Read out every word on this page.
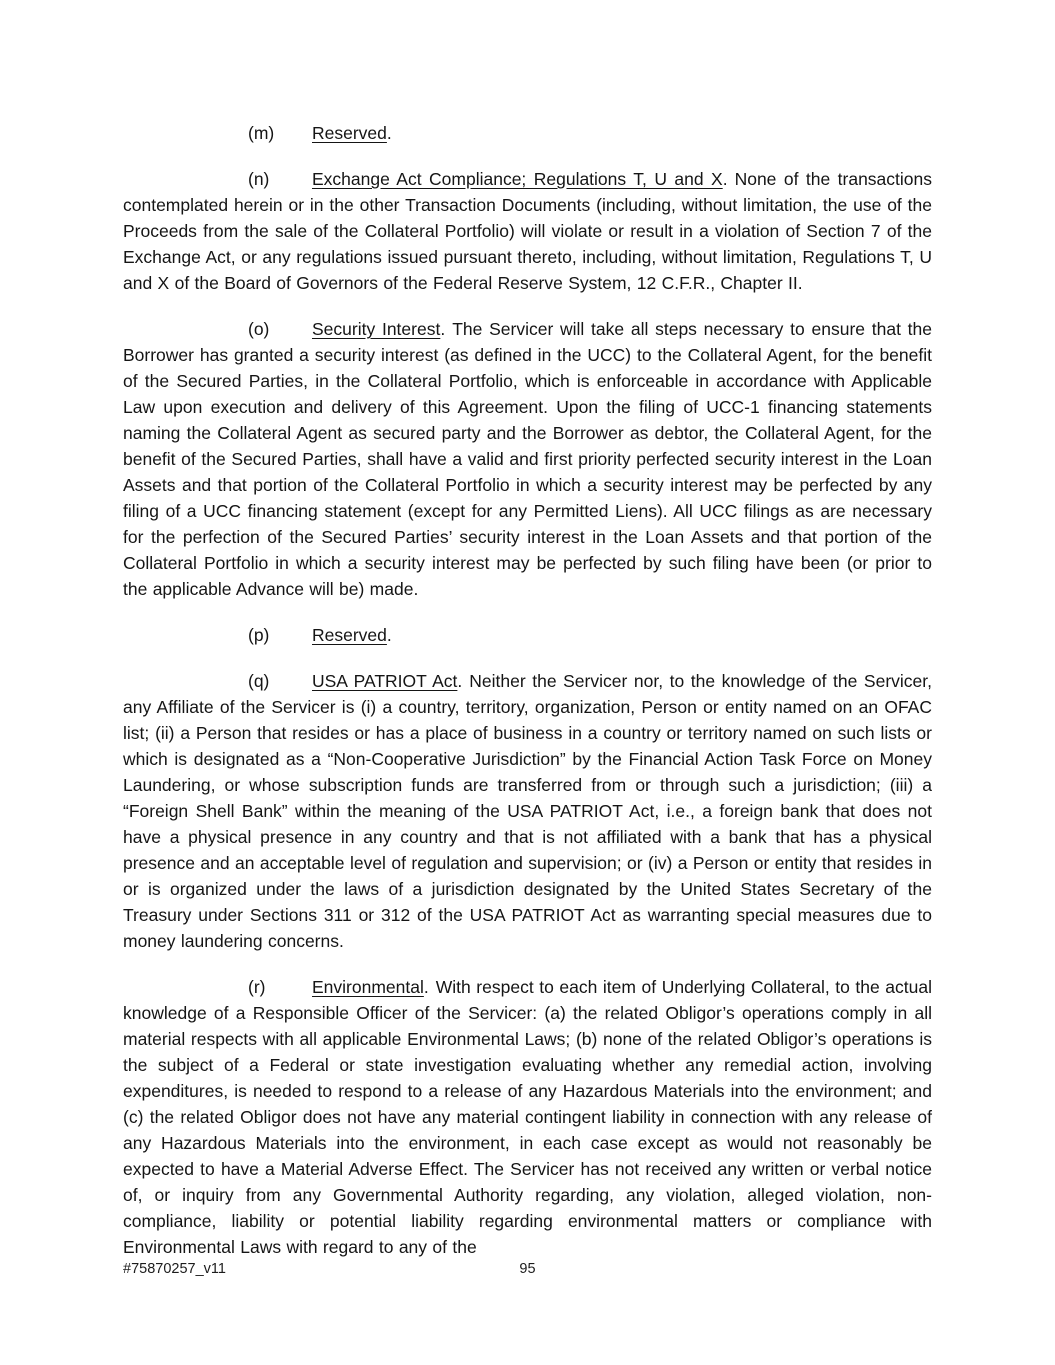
(m) Reserved.

(n) Exchange Act Compliance; Regulations T, U and X. None of the transactions contemplated herein or in the other Transaction Documents (including, without limitation, the use of the Proceeds from the sale of the Collateral Portfolio) will violate or result in a violation of Section 7 of the Exchange Act, or any regulations issued pursuant thereto, including, without limitation, Regulations T, U and X of the Board of Governors of the Federal Reserve System, 12 C.F.R., Chapter II.

(o) Security Interest. The Servicer will take all steps necessary to ensure that the Borrower has granted a security interest (as defined in the UCC) to the Collateral Agent, for the benefit of the Secured Parties, in the Collateral Portfolio, which is enforceable in accordance with Applicable Law upon execution and delivery of this Agreement. Upon the filing of UCC-1 financing statements naming the Collateral Agent as secured party and the Borrower as debtor, the Collateral Agent, for the benefit of the Secured Parties, shall have a valid and first priority perfected security interest in the Loan Assets and that portion of the Collateral Portfolio in which a security interest may be perfected by any filing of a UCC financing statement (except for any Permitted Liens). All UCC filings as are necessary for the perfection of the Secured Parties’ security interest in the Loan Assets and that portion of the Collateral Portfolio in which a security interest may be perfected by such filing have been (or prior to the applicable Advance will be) made.

(p) Reserved.

(q) USA PATRIOT Act. Neither the Servicer nor, to the knowledge of the Servicer, any Affiliate of the Servicer is (i) a country, territory, organization, Person or entity named on an OFAC list; (ii) a Person that resides or has a place of business in a country or territory named on such lists or which is designated as a “Non-Cooperative Jurisdiction” by the Financial Action Task Force on Money Laundering, or whose subscription funds are transferred from or through such a jurisdiction; (iii) a “Foreign Shell Bank” within the meaning of the USA PATRIOT Act, i.e., a foreign bank that does not have a physical presence in any country and that is not affiliated with a bank that has a physical presence and an acceptable level of regulation and supervision; or (iv) a Person or entity that resides in or is organized under the laws of a jurisdiction designated by the United States Secretary of the Treasury under Sections 311 or 312 of the USA PATRIOT Act as warranting special measures due to money laundering concerns.

(r)	Environmental. With respect to each item of Underlying Collateral, to the actual knowledge of a Responsible Officer of the Servicer: (a) the related Obligor’s operations comply in all material respects with all applicable Environmental Laws; (b) none of the related Obligor’s operations is the subject of a Federal or state investigation evaluating whether any remedial action, involving expenditures, is needed to respond to a release of any Hazardous Materials into the environment; and (c) the related Obligor does not have any material contingent liability in connection with any release of any Hazardous Materials into the environment, in each case except as would not reasonably be expected to have a Material Adverse Effect. The Servicer has not received any written or verbal notice of, or inquiry from any Governmental Authority regarding, any violation, alleged violation, non-compliance, liability or potential liability regarding environmental matters or compliance with Environmental Laws with regard to any of the

#75870257_v11	95
